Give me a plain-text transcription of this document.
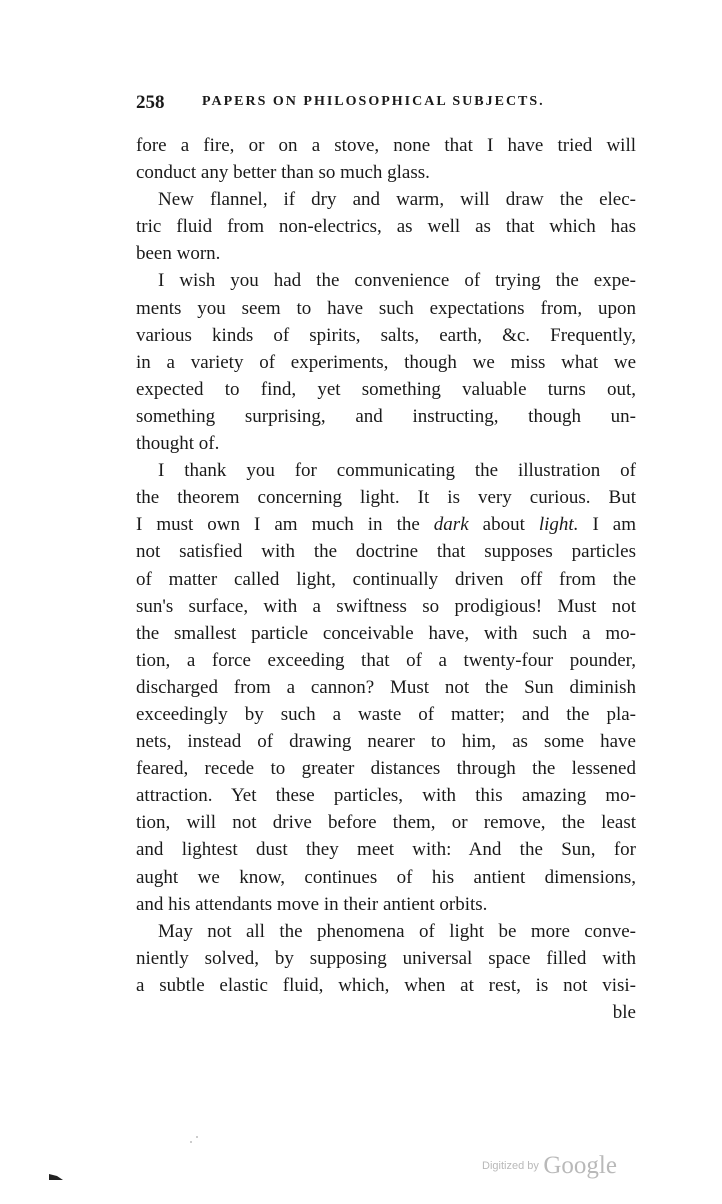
258	PAPERS ON PHILOSOPHICAL SUBJECTS.
fore a fire, or on a stove, none that I have tried will
conduct any better than so much glass.
New flannel, if dry and warm, will draw the elec-
tric fluid from non-electrics, as well as that which has
been worn.
I wish you had the convenience of trying the expe-
ments you seem to have such expectations from, upon
various kinds of spirits, salts, earth, &c. Frequently,
in a variety of experiments, though we miss what we
expected to find, yet something valuable turns out,
something surprising, and instructing, though un-
thought of.
I thank you for communicating the illustration of
the theorem concerning light. It is very curious. But
I must own I am much in the dark about light. I am
not satisfied with the doctrine that supposes particles
of matter called light, continually driven off from the
sun's surface, with a swiftness so prodigious! Must not
the smallest particle conceivable have, with such a mo-
tion, a force exceeding that of a twenty-four pounder,
discharged from a cannon? Must not the Sun diminish
exceedingly by such a waste of matter; and the pla-
nets, instead of drawing nearer to him, as some have
feared, recede to greater distances through the lessened
attraction. Yet these particles, with this amazing mo-
tion, will not drive before them, or remove, the least
and lightest dust they meet with: And the Sun, for
aught we know, continues of his antient dimensions,
and his attendants move in their antient orbits.
May not all the phenomena of light be more conve-
niently solved, by supposing universal space filled with
a subtle elastic fluid, which, when at rest, is not visi-
ble
Digitized by Google
